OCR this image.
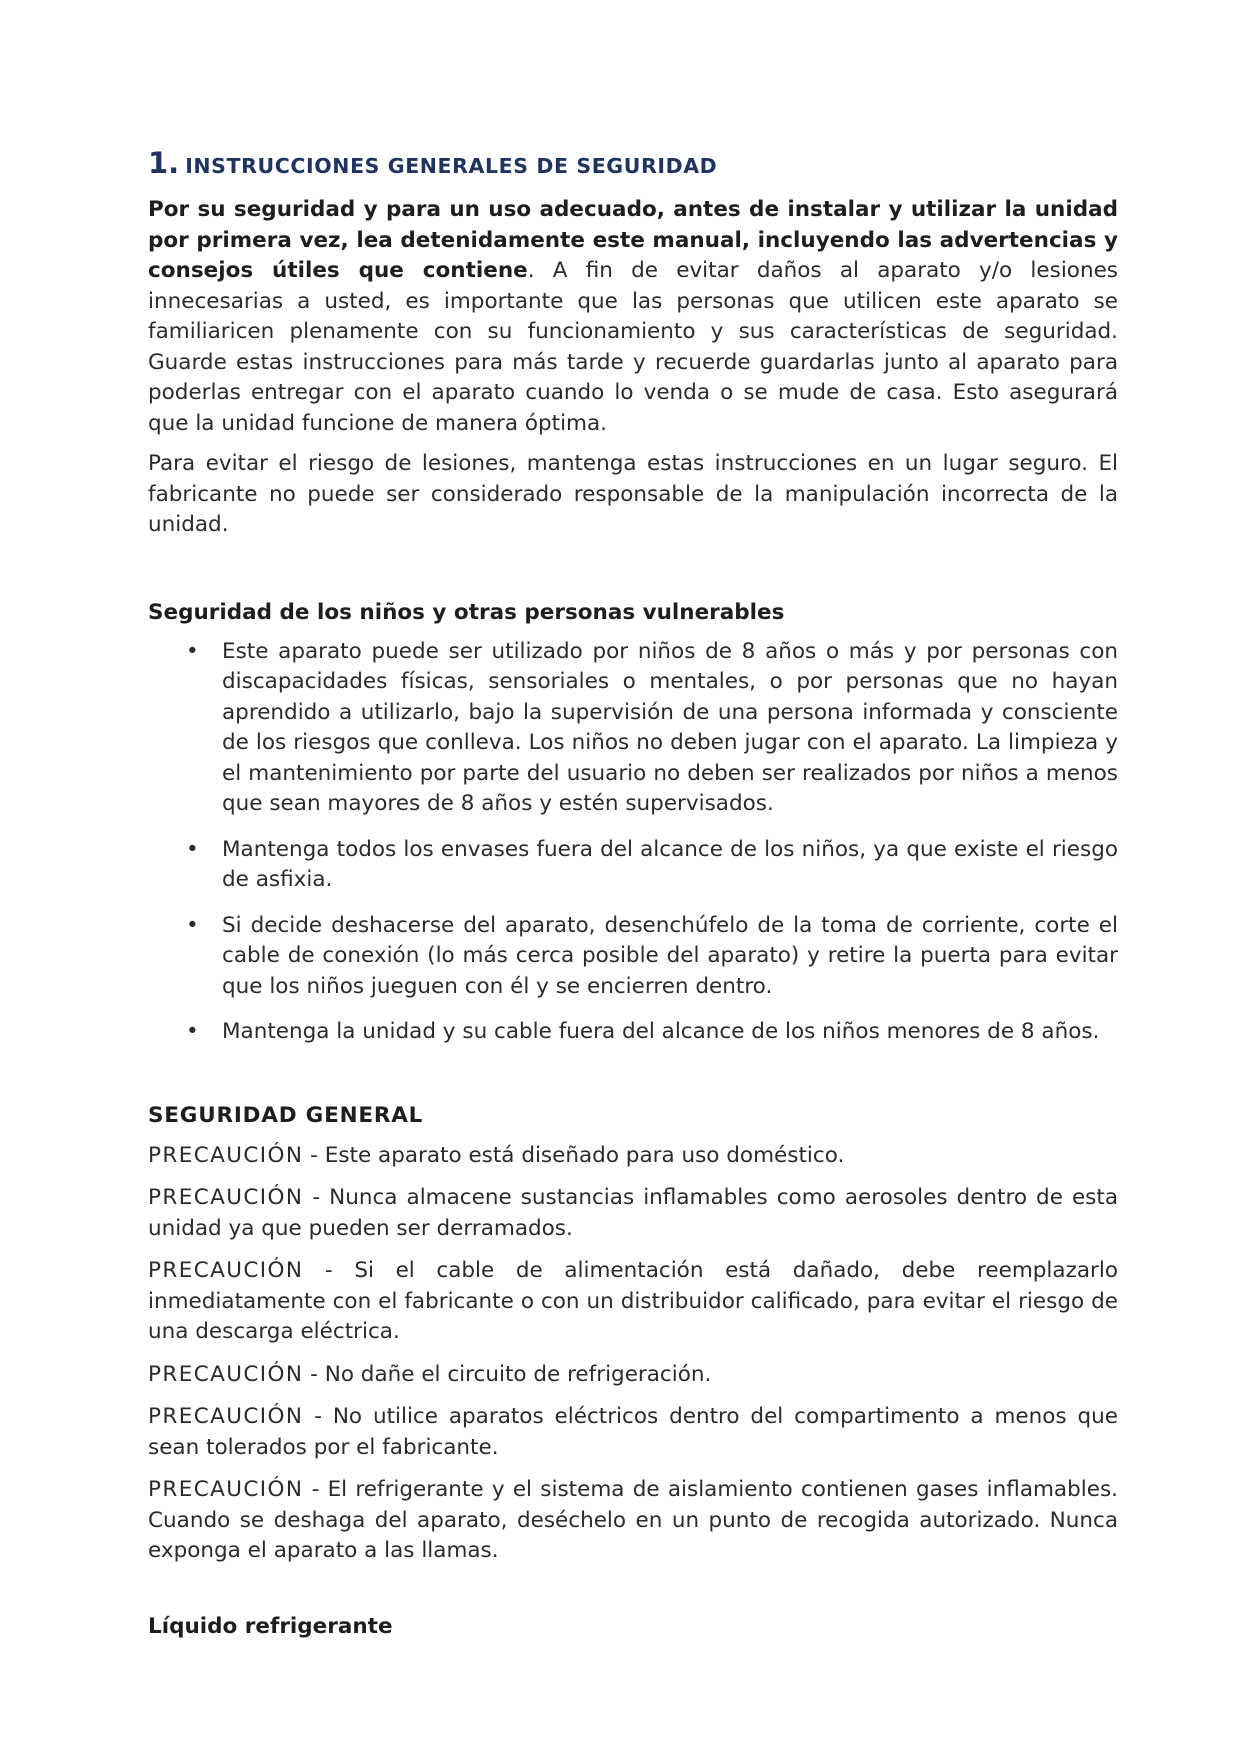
1. INSTRUCCIONES GENERALES DE SEGURIDAD

Por su seguridad y para un uso adecuado, antes de instalar y utilizar la unidad por primera vez, lea detenidamente este manual, incluyendo las advertencias y consejos útiles que contiene. A fin de evitar daños al aparato y/o lesiones innecesarias a usted, es importante que las personas que utilicen este aparato se familiaricen plenamente con su funcionamiento y sus características de seguridad. Guarde estas instrucciones para más tarde y recuerde guardarlas junto al aparato para poderlas entregar con el aparato cuando lo venda o se mude de casa. Esto asegurará que la unidad funcione de manera óptima.

Para evitar el riesgo de lesiones, mantenga estas instrucciones en un lugar seguro. El fabricante no puede ser considerado responsable de la manipulación incorrecta de la unidad.

Seguridad de los niños y otras personas vulnerables
• Este aparato puede ser utilizado por niños de 8 años o más y por personas con discapacidades físicas, sensoriales o mentales, o por personas que no hayan aprendido a utilizarlo, bajo la supervisión de una persona informada y consciente de los riesgos que conlleva. Los niños no deben jugar con el aparato. La limpieza y el mantenimiento por parte del usuario no deben ser realizados por niños a menos que sean mayores de 8 años y estén supervisados.
• Mantenga todos los envases fuera del alcance de los niños, ya que existe el riesgo de asfixia.
• Si decide deshacerse del aparato, desenchúfelo de la toma de corriente, corte el cable de conexión (lo más cerca posible del aparato) y retire la puerta para evitar que los niños jueguen con él y se encierren dentro.
• Mantenga la unidad y su cable fuera del alcance de los niños menores de 8 años.
SEGURIDAD GENERAL

PRECAUCIÓN - Este aparato está diseñado para uso doméstico.

PRECAUCIÓN - Nunca almacene sustancias inflamables como aerosoles dentro de esta unidad ya que pueden ser derramados.

PRECAUCIÓN - Si el cable de alimentación está dañado, debe reemplazarlo inmediatamente con el fabricante o con un distribuidor calificado, para evitar el riesgo de una descarga eléctrica.

PRECAUCIÓN - No dañe el circuito de refrigeración.

PRECAUCIÓN - No utilice aparatos eléctricos dentro del compartimento a menos que sean tolerados por el fabricante.

PRECAUCIÓN - El refrigerante y el sistema de aislamiento contienen gases inflamables. Cuando se deshaga del aparato, deséchelo en un punto de recogida autorizado. Nunca exponga el aparato a las llamas.

Líquido refrigerante
